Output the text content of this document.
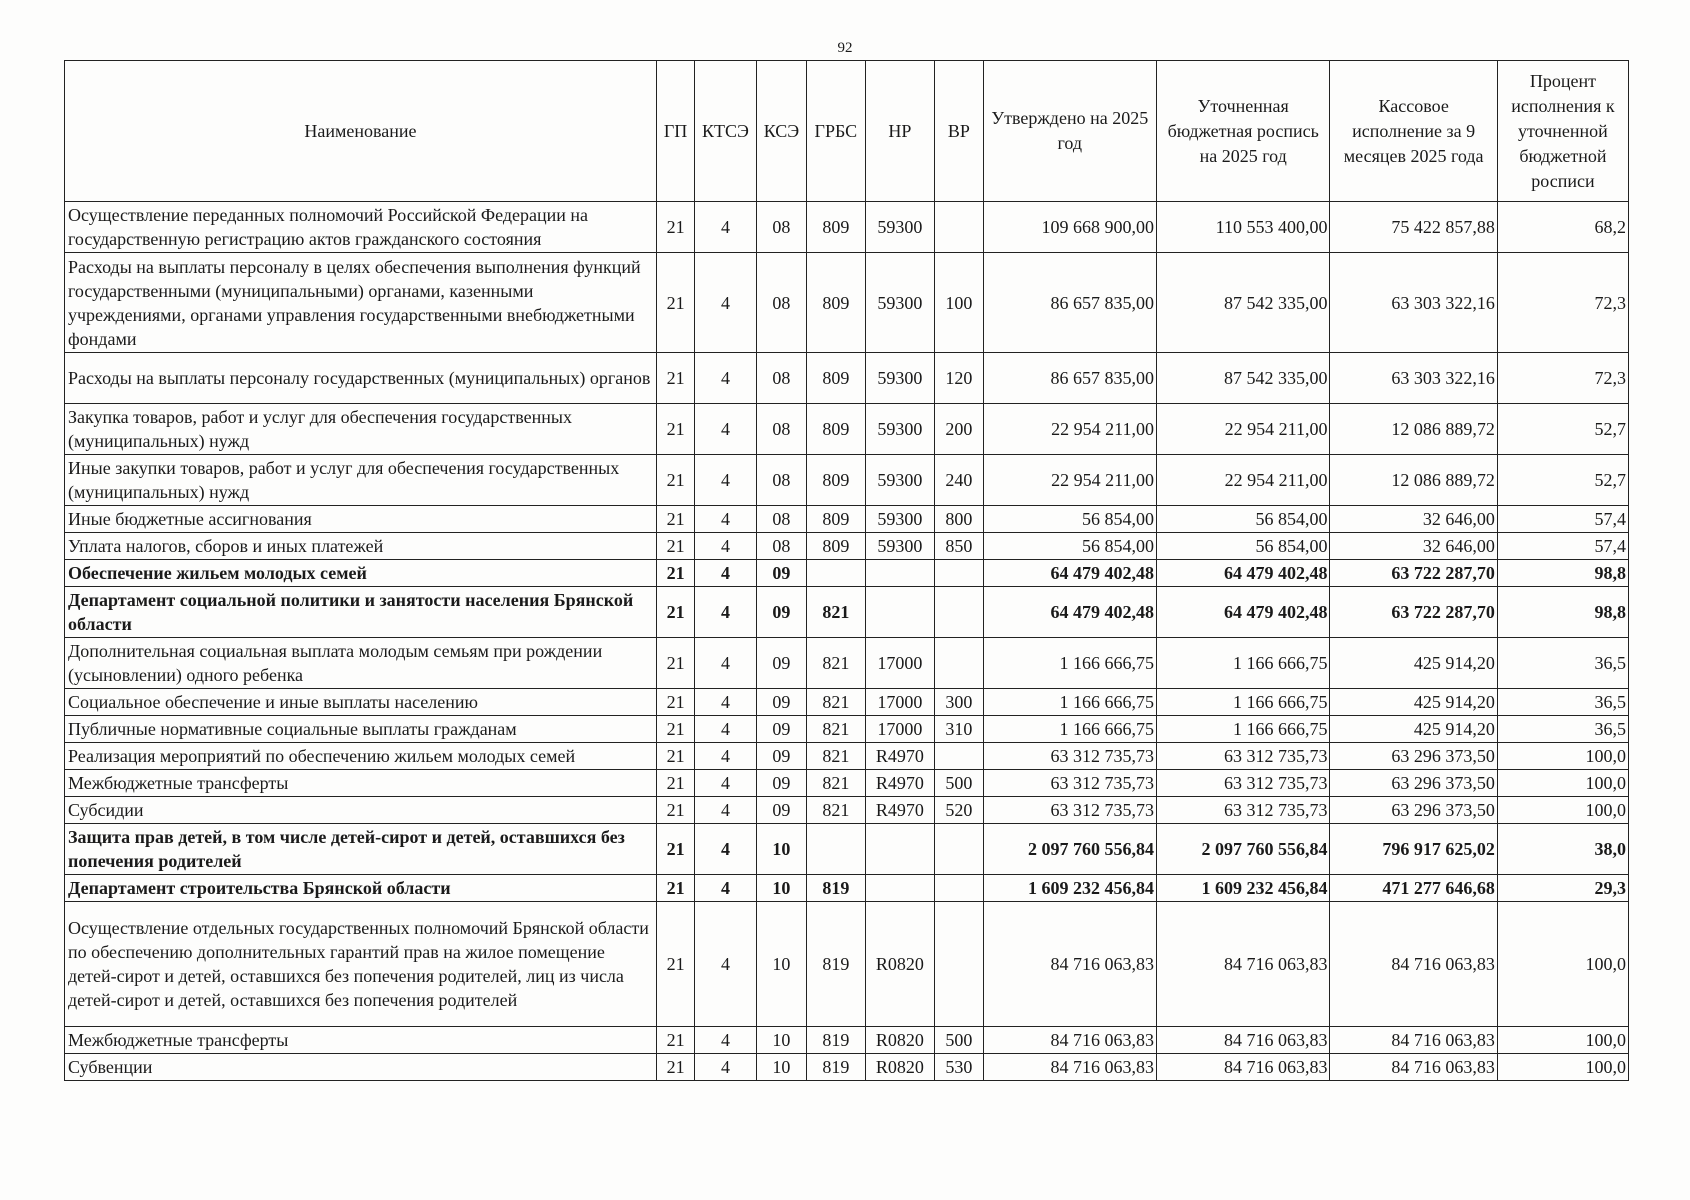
92
Наименование	ГП	КТСЭ	КСЭ	ГРБС	НР	ВР	Утверждено на 2025 год	Уточненная бюджетная роспись на 2025 год	Кассовое исполнение за 9 месяцев 2025 года	Процент исполнения к уточненной бюджетной росписи
Осуществление переданных полномочий Российской Федерации на государственную регистрацию актов гражданского состояния	21	4	08	809	59300		109 668 900,00	110 553 400,00	75 422 857,88	68,2
Расходы на выплаты персоналу в целях обеспечения выполнения функций государственными (муниципальными) органами, казенными учреждениями, органами управления государственными внебюджетными фондами	21	4	08	809	59300	100	86 657 835,00	87 542 335,00	63 303 322,16	72,3
Расходы на выплаты персоналу государственных (муниципальных) органов	21	4	08	809	59300	120	86 657 835,00	87 542 335,00	63 303 322,16	72,3
Закупка товаров, работ и услуг для обеспечения государственных (муниципальных) нужд	21	4	08	809	59300	200	22 954 211,00	22 954 211,00	12 086 889,72	52,7
Иные закупки товаров, работ и услуг для обеспечения государственных (муниципальных) нужд	21	4	08	809	59300	240	22 954 211,00	22 954 211,00	12 086 889,72	52,7
Иные бюджетные ассигнования	21	4	08	809	59300	800	56 854,00	56 854,00	32 646,00	57,4
Уплата налогов, сборов и иных платежей	21	4	08	809	59300	850	56 854,00	56 854,00	32 646,00	57,4
Обеспечение жильем молодых семей	21	4	09				64 479 402,48	64 479 402,48	63 722 287,70	98,8
Департамент социальной политики и занятости населения Брянской области	21	4	09	821			64 479 402,48	64 479 402,48	63 722 287,70	98,8
Дополнительная социальная выплата молодым семьям при рождении (усыновлении) одного ребенка	21	4	09	821	17000		1 166 666,75	1 166 666,75	425 914,20	36,5
Социальное обеспечение и иные выплаты населению	21	4	09	821	17000	300	1 166 666,75	1 166 666,75	425 914,20	36,5
Публичные нормативные социальные выплаты гражданам	21	4	09	821	17000	310	1 166 666,75	1 166 666,75	425 914,20	36,5
Реализация мероприятий по обеспечению жильем молодых семей	21	4	09	821	R4970		63 312 735,73	63 312 735,73	63 296 373,50	100,0
Межбюджетные трансферты	21	4	09	821	R4970	500	63 312 735,73	63 312 735,73	63 296 373,50	100,0
Субсидии	21	4	09	821	R4970	520	63 312 735,73	63 312 735,73	63 296 373,50	100,0
Защита прав детей, в том числе детей-сирот и детей, оставшихся без попечения родителей	21	4	10				2 097 760 556,84	2 097 760 556,84	796 917 625,02	38,0
Департамент строительства Брянской области	21	4	10	819			1 609 232 456,84	1 609 232 456,84	471 277 646,68	29,3
Осуществление отдельных государственных полномочий Брянской области по обеспечению дополнительных гарантий прав на жилое помещение детей-сирот и детей, оставшихся без попечения родителей, лиц из числа детей-сирот и детей, оставшихся без попечения родителей	21	4	10	819	R0820		84 716 063,83	84 716 063,83	84 716 063,83	100,0
Межбюджетные трансферты	21	4	10	819	R0820	500	84 716 063,83	84 716 063,83	84 716 063,83	100,0
Субвенции	21	4	10	819	R0820	530	84 716 063,83	84 716 063,83	84 716 063,83	100,0
